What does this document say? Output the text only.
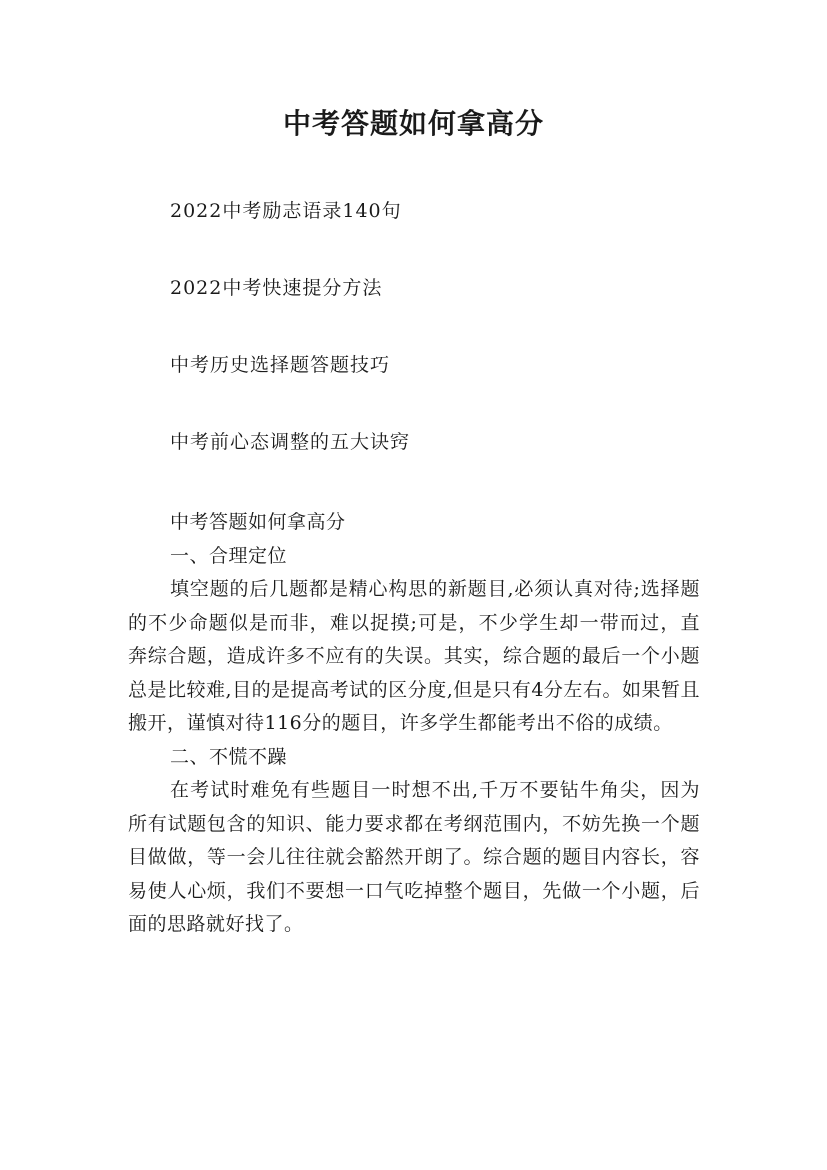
中考答题如何拿高分
2022中考励志语录140句
2022中考快速提分方法
中考历史选择题答题技巧
中考前心态调整的五大诀窍

中考答题如何拿高分

一、合理定位

填空题的后几题都是精心构思的新题目,必须认真对待;选择题的不少命题似是而非，难以捉摸;可是，不少学生却一带而过，直奔综合题，造成许多不应有的失误。其实，综合题的最后一个小题总是比较难,目的是提高考试的区分度,但是只有4分左右。如果暂且搬开，谨慎对待116分的题目，许多学生都能考出不俗的成绩。

二、不慌不躁

在考试时难免有些题目一时想不出,千万不要钻牛角尖，因为所有试题包含的知识、能力要求都在考纲范围内，不妨先换一个题目做做，等一会儿往往就会豁然开朗了。综合题的题目内容长，容易使人心烦，我们不要想一口气吃掉整个题目，先做一个小题，后面的思路就好找了。
